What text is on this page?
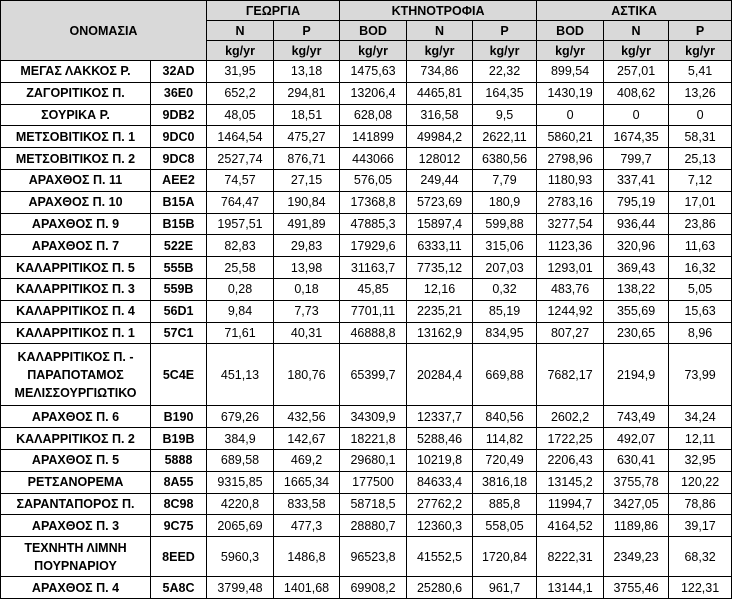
ΟΝΟΜΑΣΙΑ		ΓΕΩΡΓΙΑ		ΚΤΗΝΟΤΡΟΦΙΑ			ΑΣΤΙΚΑ		
		N	P	BOD	N	P	BOD	N	P
		kg/yr	kg/yr	kg/yr	kg/yr	kg/yr	kg/yr	kg/yr	kg/yr
ΜΕΓΑΣ ΛΑΚΚΟΣ Ρ.	32AD	31,95	13,18	1475,63	734,86	22,32	899,54	257,01	5,41
ΖΑΓΟΡΙΤΙΚΟΣ Π.	36E0	652,2	294,81	13206,4	4465,81	164,35	1430,19	408,62	13,26
ΣΟΥΡΙΚΑ Ρ.	9DB2	48,05	18,51	628,08	316,58	9,5	0	0	0
ΜΕΤΣΟΒΙΤΙΚΟΣ Π. 1	9DC0	1464,54	475,27	141899	49984,2	2622,11	5860,21	1674,35	58,31
ΜΕΤΣΟΒΙΤΙΚΟΣ Π. 2	9DC8	2527,74	876,71	443066	128012	6380,56	2798,96	799,7	25,13
ΑΡΑΧΘΟΣ Π. 11	AEE2	74,57	27,15	576,05	249,44	7,79	1180,93	337,41	7,12
ΑΡΑΧΘΟΣ Π. 10	B15A	764,47	190,84	17368,8	5723,69	180,9	2783,16	795,19	17,01
ΑΡΑΧΘΟΣ Π. 9	B15B	1957,51	491,89	47885,3	15897,4	599,88	3277,54	936,44	23,86
ΑΡΑΧΘΟΣ Π. 7	522E	82,83	29,83	17929,6	6333,11	315,06	1123,36	320,96	11,63
ΚΑΛΑΡΡΙΤΙΚΟΣ Π. 5	555B	25,58	13,98	31163,7	7735,12	207,03	1293,01	369,43	16,32
ΚΑΛΑΡΡΙΤΙΚΟΣ Π. 3	559B	0,28	0,18	45,85	12,16	0,32	483,76	138,22	5,05
ΚΑΛΑΡΡΙΤΙΚΟΣ Π. 4	56D1	9,84	7,73	7701,11	2235,21	85,19	1244,92	355,69	15,63
ΚΑΛΑΡΡΙΤΙΚΟΣ Π. 1	57C1	71,61	40,31	46888,8	13162,9	834,95	807,27	230,65	8,96
ΚΑΛΑΡΡΙΤΙΚΟΣ Π. - ΠΑΡΑΠΟΤΑΜΟΣ ΜΕΛΙΣΣΟΥΡΓΙΩΤΙΚΟ	5C4E	451,13	180,76	65399,7	20284,4	669,88	7682,17	2194,9	73,99
ΑΡΑΧΘΟΣ Π. 6	B190	679,26	432,56	34309,9	12337,7	840,56	2602,2	743,49	34,24
ΚΑΛΑΡΡΙΤΙΚΟΣ Π. 2	B19B	384,9	142,67	18221,8	5288,46	114,82	1722,25	492,07	12,11
ΑΡΑΧΘΟΣ Π. 5	5888	689,58	469,2	29680,1	10219,8	720,49	2206,43	630,41	32,95
ΡΕΤΣΑΝΟΡΕΜΑ	8A55	9315,85	1665,34	177500	84633,4	3816,18	13145,2	3755,78	120,22
ΣΑΡΑΝΤΑΠΟΡΟΣ Π.	8C98	4220,8	833,58	58718,5	27762,2	885,8	11994,7	3427,05	78,86
ΑΡΑΧΘΟΣ Π. 3	9C75	2065,69	477,3	28880,7	12360,3	558,05	4164,52	1189,86	39,17
ΤΕΧΝΗΤΗ ΛΙΜΝΗ ΠΟΥΡΝΑΡΙΟΥ	8EED	5960,3	1486,8	96523,8	41552,5	1720,84	8222,31	2349,23	68,32
ΑΡΑΧΘΟΣ Π. 4	5A8C	3799,48	1401,68	69908,2	25280,6	961,7	13144,1	3755,46	122,31
